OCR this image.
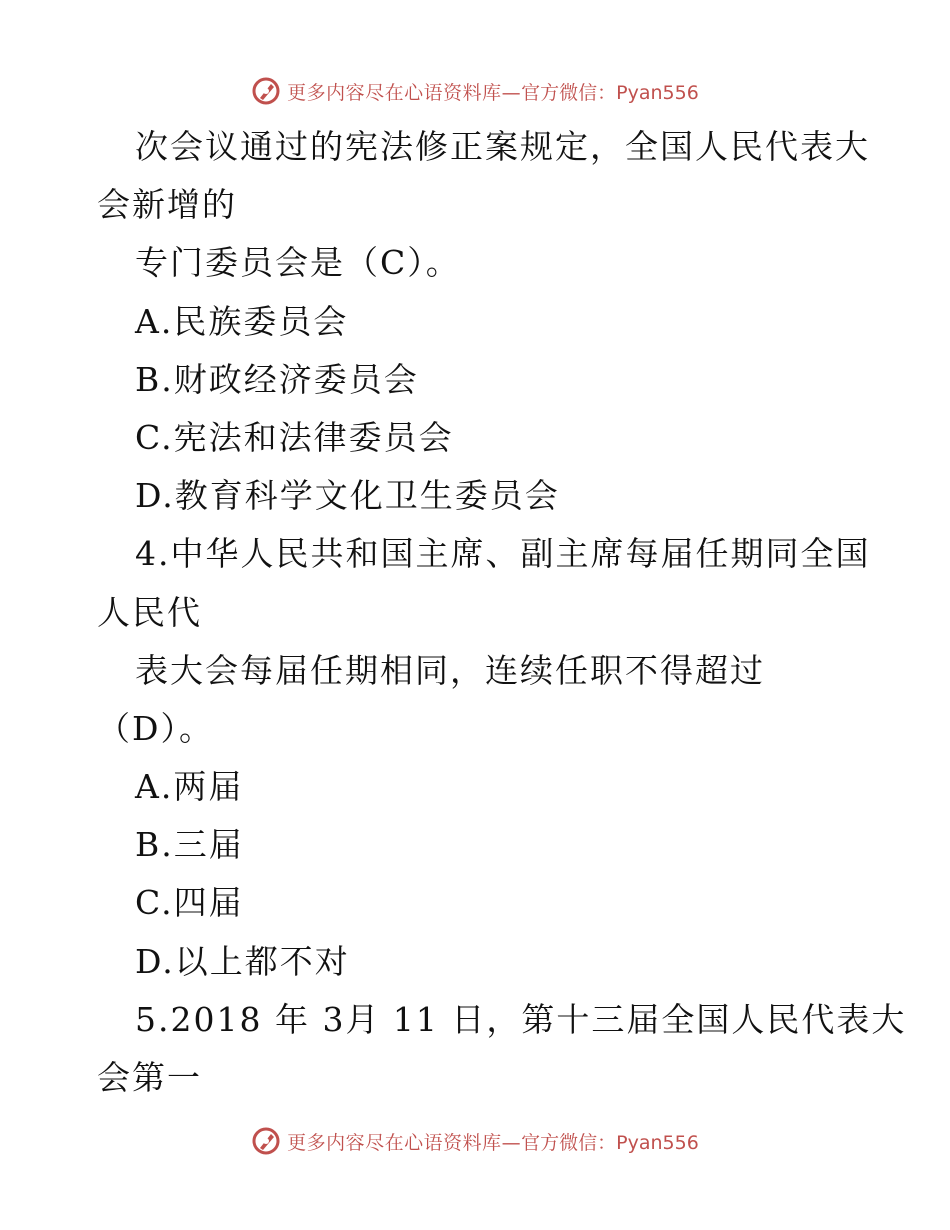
更多内容尽在心语资料库— 官方微信：Pyan556
次会议通过的宪法修正案规定，全国人民代表大
会新增的
专门委员会是（C）。
A.民族委员会
B.财政经济委员会
C.宪法和法律委员会
D.教育科学文化卫生委员会
4.中华人民共和国主席、副主席每届任期同全国
人民代
表大会每届任期相同，连续任职不得超过
（D）。
A.两届
B.三届
C.四届
D.以上都不对
5.2018 年 3月 11 日，第十三届全国人民代表大
会第一
更多内容尽在心语资料库— 官方微信：Pyan556
